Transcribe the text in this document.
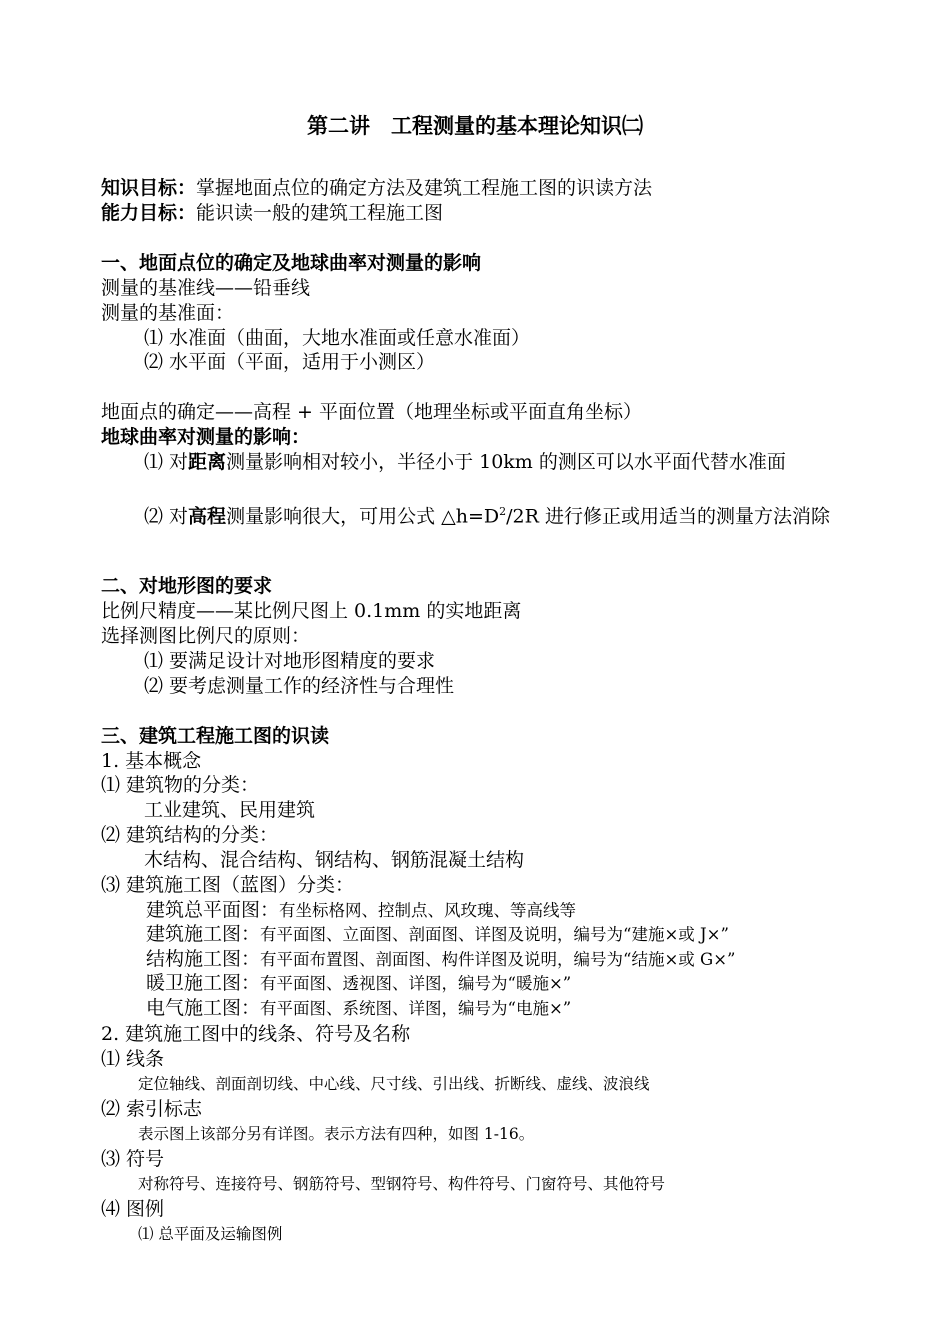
第二讲　工程测量的基本理论知识㈡
知识目标：掌握地面点位的确定方法及建筑工程施工图的识读方法
能力目标：能识读一般的建筑工程施工图
一、地面点位的确定及地球曲率对测量的影响
测量的基准线——铅垂线
测量的基准面：
⑴ 水准面（曲面，大地水准面或任意水准面）
⑵ 水平面（平面，适用于小测区）
地面点的确定——高程 + 平面位置（地理坐标或平面直角坐标）
地球曲率对测量的影响：
⑴ 对距离测量影响相对较小，半径小于 10km 的测区可以水平面代替水准面
⑵ 对高程测量影响很大，可用公式 $\triangle h=D^2/2R$ 进行修正或用适当的测量方法消除
二、对地形图的要求
比例尺精度——某比例尺图上 0.1mm 的实地距离
选择测图比例尺的原则：
⑴ 要满足设计对地形图精度的要求
⑵ 要考虑测量工作的经济性与合理性
三、建筑工程施工图的识读
1. 基本概念
⑴ 建筑物的分类：
工业建筑、民用建筑
⑵ 建筑结构的分类：
木结构、混合结构、钢结构、钢筋混凝土结构
⑶ 建筑施工图（蓝图）分类：
建筑总平面图：有坐标格网、控制点、风玫瑰、等高线等
建筑施工图：有平面图、立面图、剖面图、详图及说明，编号为“建施×或 J×”
结构施工图：有平面布置图、剖面图、构件详图及说明，编号为“结施×或 G×”
暖卫施工图：有平面图、透视图、详图，编号为“暖施×”
电气施工图：有平面图、系统图、详图，编号为“电施×”
2. 建筑施工图中的线条、符号及名称
⑴ 线条
定位轴线、剖面剖切线、中心线、尺寸线、引出线、折断线、虚线、波浪线
⑵ 索引标志
表示图上该部分另有详图。表示方法有四种，如图 1-16。
⑶ 符号
对称符号、连接符号、钢筋符号、型钢符号、构件符号、门窗符号、其他符号
⑷ 图例
⑴ 总平面及运输图例
